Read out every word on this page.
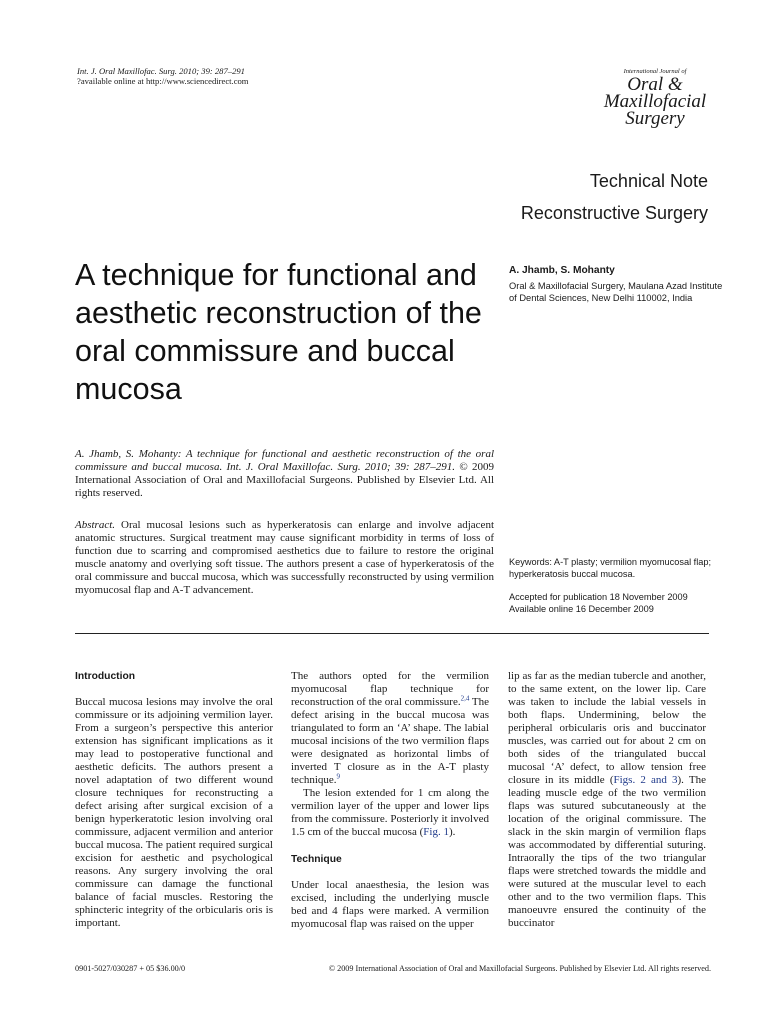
Int. J. Oral Maxillofac. Surg. 2010; 39: 287–291
?available online at http://www.sciencedirect.com
International Journal of
Oral &
Maxillofacial
Surgery
Technical Note
Reconstructive Surgery
A technique for functional and aesthetic reconstruction of the oral commissure and buccal mucosa
A. Jhamb, S. Mohanty
Oral & Maxillofacial Surgery, Maulana Azad Institute of Dental Sciences, New Delhi 110002, India
A. Jhamb, S. Mohanty: A technique for functional and aesthetic reconstruction of the oral commissure and buccal mucosa. Int. J. Oral Maxillofac. Surg. 2010; 39: 287–291. © 2009 International Association of Oral and Maxillofacial Surgeons. Published by Elsevier Ltd. All rights reserved.
Abstract. Oral mucosal lesions such as hyperkeratosis can enlarge and involve adjacent anatomic structures. Surgical treatment may cause significant morbidity in terms of loss of function due to scarring and compromised aesthetics due to failure to restore the original muscle anatomy and overlying soft tissue. The authors present a case of hyperkeratosis of the oral commissure and buccal mucosa, which was successfully reconstructed by using vermilion myomucosal flap and A-T advancement.
Keywords: A-T plasty; vermilion myomucosal flap; hyperkeratosis buccal mucosa.
Accepted for publication 18 November 2009
Available online 16 December 2009
Introduction

Buccal mucosa lesions may involve the oral commissure or its adjoining vermilion layer. From a surgeon’s perspective this anterior extension has significant implications as it may lead to postoperative functional and aesthetic deficits. The authors present a novel adaptation of two different wound closure techniques for reconstructing a defect arising after surgical excision of a benign hyperkeratotic lesion involving oral commissure, adjacent vermilion and anterior buccal mucosa. The patient required surgical excision for aesthetic and psychological reasons. Any surgery involving the oral commissure can damage the functional balance of facial muscles. Restoring the sphincteric integrity of the orbicularis oris is important.

The authors opted for the vermilion myomucosal flap technique for reconstruction of the oral commissure.$^{2,4}$ The defect arising in the buccal mucosa was triangulated to form an ‘A’ shape. The labial mucosal incisions of the two vermilion flaps were designated as horizontal limbs of inverted T closure as in the A-T plasty technique.$^9$

The lesion extended for 1 cm along the vermilion layer of the upper and lower lips from the commissure. Posteriorly it involved 1.5 cm of the buccal mucosa (Fig. 1).

Technique

Under local anaesthesia, the lesion was excised, including the underlying muscle bed and 4 flaps were marked. A vermilion myomucosal flap was raised on the upper

lip as far as the median tubercle and another, to the same extent, on the lower lip. Care was taken to include the labial vessels in both flaps. Undermining, below the peripheral orbicularis oris and buccinator muscles, was carried out for about 2 cm on both sides of the triangulated buccal mucosal ‘A’ defect, to allow tension free closure in its middle (Figs. 2 and 3). The leading muscle edge of the two vermilion flaps was sutured subcutaneously at the location of the original commissure. The slack in the skin margin of vermilion flaps was accommodated by differential suturing. Intraorally the tips of the two triangular flaps were stretched towards the middle and were sutured at the muscular level to each other and to the two vermilion flaps. This manoeuvre ensured the continuity of the buccinator

0901-5027/030287 + 05 $36.00/0	© 2009 International Association of Oral and Maxillofacial Surgeons. Published by Elsevier Ltd. All rights reserved.
